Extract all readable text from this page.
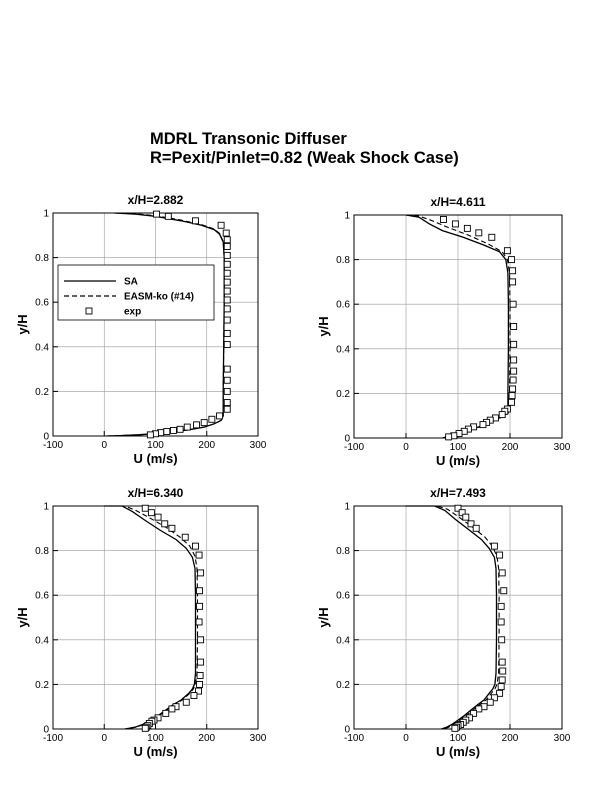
MDRL Transonic Diffuser
R=Pexit/Pinlet=0.82 (Weak Shock Case)
-100	0	100	200	300
0
0.2
0.4
0.6
0.8
1
x/H=2.882
U (m/s)
y/H
SA
EASM-ko (#14)
exp
-100	0	100	200	300
0
0.2
0.4
0.6
0.8
1
x/H=4.611
U (m/s)
y/H
-100	0	100	200	300
0
0.2
0.4
0.6
0.8
1
x/H=6.340
U (m/s)
y/H
-100	0	100	200	300
0
0.2
0.4
0.6
0.8
1
x/H=7.493
U (m/s)
y/H
